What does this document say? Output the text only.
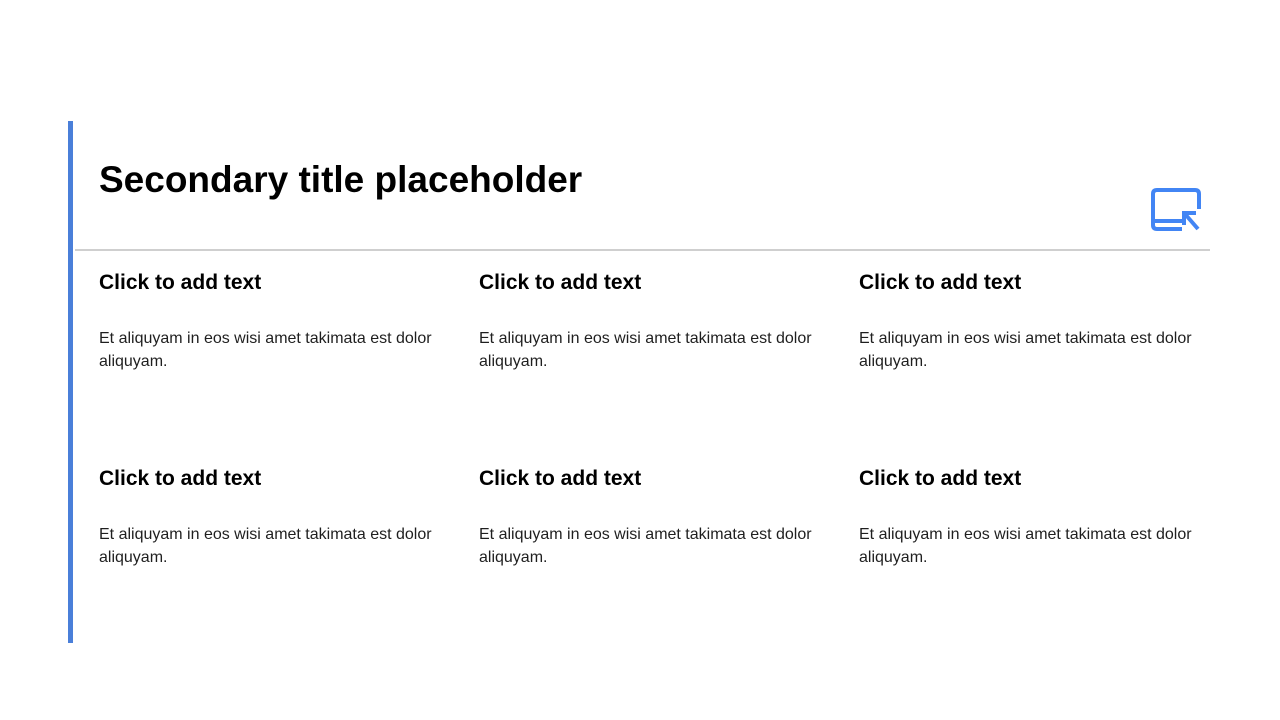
Secondary title placeholder
Click to add text

Et aliquyam in eos wisi amet takimata est dolor aliquyam.

Click to add text

Et aliquyam in eos wisi amet takimata est dolor aliquyam.

Click to add text

Et aliquyam in eos wisi amet takimata est dolor aliquyam.

Click to add text

Et aliquyam in eos wisi amet takimata est dolor aliquyam.

Click to add text

Et aliquyam in eos wisi amet takimata est dolor aliquyam.

Click to add text

Et aliquyam in eos wisi amet takimata est dolor aliquyam.
